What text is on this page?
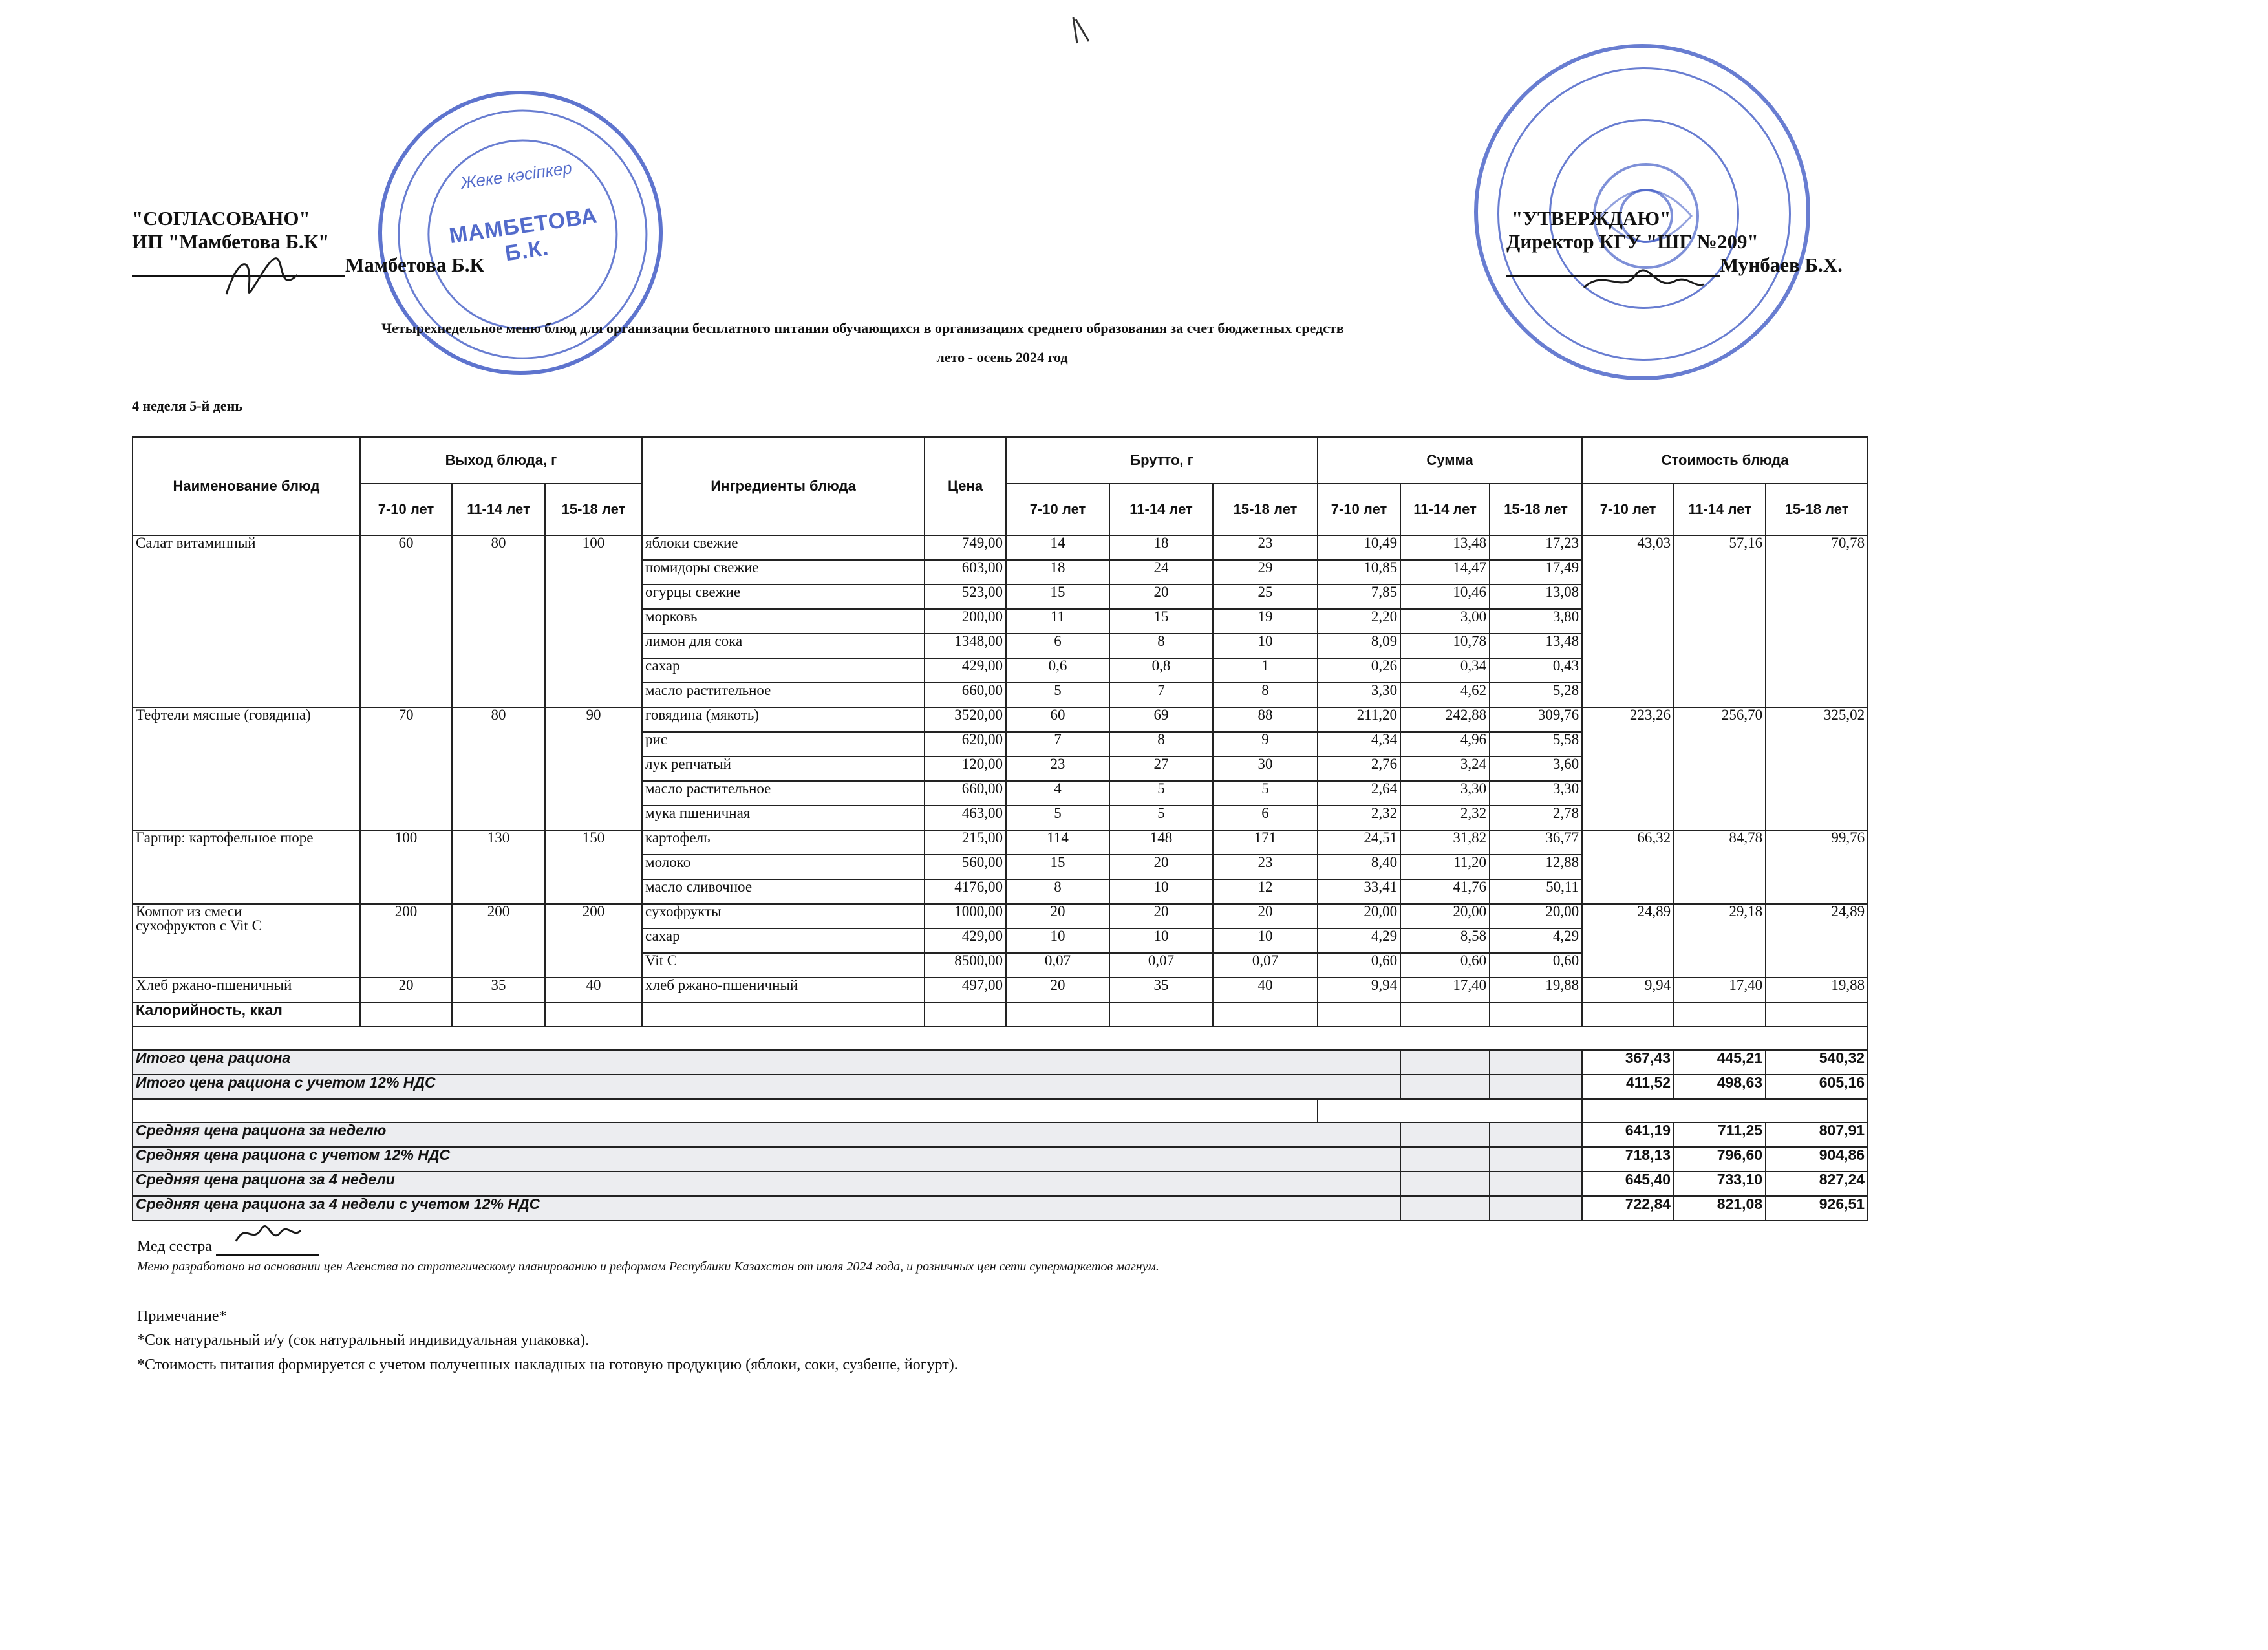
МАМБЕТОВА Б.К.
Жеке кәсіпкер
"СОГЛАСОВАНО"
ИП "Мамбетова Б.К"
Мамбетова Б.К
"УТВЕРЖДАЮ"
Директор КГУ "ШГ №209"
Мунбаев Б.Х.
Четырехнедельное меню блюд для организации бесплатного питания обучающихся в организациях среднего образования за счет бюджетных средств
лето - осень 2024 год
4 неделя 5-й день
Наименование блюд	Выход блюда, г			Ингредиенты блюда	Цена	Брутто, г			Сумма			Стоимость блюда		
	7-10 лет	11-14 лет	15-18 лет			7-10 лет	11-14 лет	15-18 лет	7-10 лет	11-14 лет	15-18 лет	7-10 лет	11-14 лет	15-18 лет

Салат витаминный	60	80	100	яблоки свежие	749,00	14	18	23	10,49	13,48	17,23	43,03	57,16	70,78
				помидоры свежие	603,00	18	24	29	10,85	14,47	17,49			
				огурцы свежие	523,00	15	20	25	7,85	10,46	13,08			
				морковь	200,00	11	15	19	2,20	3,00	3,80			
				лимон для сока	1348,00	6	8	10	8,09	10,78	13,48			
				сахар	429,00	0,6	0,8	1	0,26	0,34	0,43			
				масло растительное	660,00	5	7	8	3,30	4,62	5,28			

Тефтели мясные (говядина)	70	80	90	говядина (мякоть)	3520,00	60	69	88	211,20	242,88	309,76	223,26	256,70	325,02
				рис	620,00	7	8	9	4,34	4,96	5,58			
				лук репчатый	120,00	23	27	30	2,76	3,24	3,60			
				масло растительное	660,00	4	5	5	2,64	3,30	3,30			
				мука пшеничная	463,00	5	5	6	2,32	2,32	2,78			

Гарнир: картофельное пюре	100	130	150	картофель	215,00	114	148	171	24,51	31,82	36,77	66,32	84,78	99,76
				молоко	560,00	15	20	23	8,40	11,20	12,88			
				масло сливочное	4176,00	8	10	12	33,41	41,76	50,11			

Компот из смеси
сухофруктов с Vit C	200	200	200	сухофрукты	1000,00	20	20	20	20,00	20,00	20,00	24,89	29,18	24,89
				сахар	429,00	10	10	10	4,29	8,58	4,29			
				Vit C	8500,00	0,07	0,07	0,07	0,60	0,60	0,60			

Хлеб ржано-пшеничный	20	35	40	хлеб ржано-пшеничный	497,00	20	35	40	9,94	17,40	19,88	9,94	17,40	19,88
Калорийность, ккал														

Итого цена рациона												367,43	445,21	540,32
Итого цена рациона с учетом 12% НДС												411,52	498,63	605,16

Средняя цена рациона за неделю												641,19	711,25	807,91
Средняя цена рациона с учетом 12% НДС												718,13	796,60	904,86
Средняя цена рациона за 4 недели												645,40	733,10	827,24
Средняя цена рациона за 4 недели с учетом 12% НДС												722,84	821,08	926,51
Мед сестра
Меню разработано на основании цен Агенства по стратегическому планированию и реформам Республики Казахстан от июля 2024 года, и розничных цен сети супермаркетов магнум.
Примечание*
*Сок натуральный и/у (сок натуральный индивидуальная упаковка).
*Стоимость питания формируется с учетом полученных накладных на готовую продукцию (яблоки, соки, сузбеше, йогурт).
